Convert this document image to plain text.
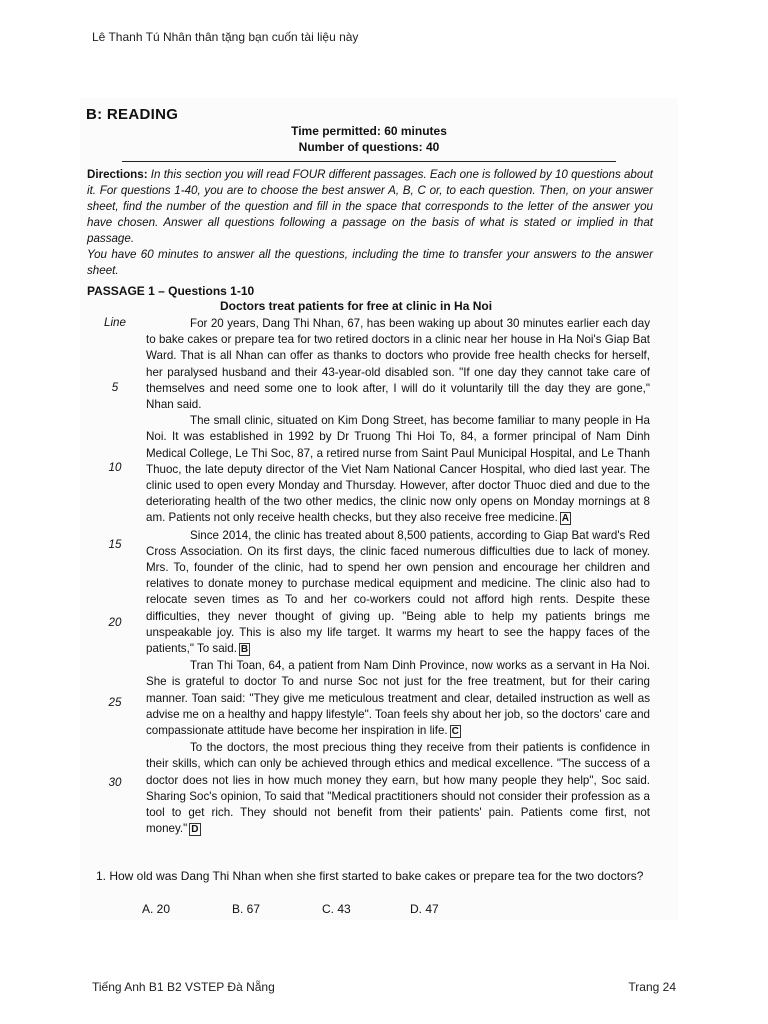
Lê Thanh Tú Nhân thân tặng bạn cuốn tài liệu này
B: READING
Time permitted: 60 minutes
Number of questions: 40

Directions: In this section you will read FOUR different passages. Each one is followed by 10 questions about it. For questions 1-40, you are to choose the best answer A, B, C or, to each question. Then, on your answer sheet, find the number of the question and fill in the space that corresponds to the letter of the answer you have chosen. Answer all questions following a passage on the basis of what is stated or implied in that passage.

You have 60 minutes to answer all the questions, including the time to transfer your answers to the answer sheet.

PASSAGE 1 – Questions 1-10
Doctors treat patients for free at clinic in Ha Noi
Line
5
10
15
20
25
30

For 20 years, Dang Thi Nhan, 67, has been waking up about 30 minutes earlier each day to bake cakes or prepare tea for two retired doctors in a clinic near her house in Ha Noi's Giap Bat Ward. That is all Nhan can offer as thanks to doctors who provide free health checks for herself, her paralysed husband and their 43-year-old disabled son. "If one day they cannot take care of themselves and need some one to look after, I will do it voluntarily till the day they are gone," Nhan said.

The small clinic, situated on Kim Dong Street, has become familiar to many people in Ha Noi. It was established in 1992 by Dr Truong Thi Hoi To, 84, a former principal of Nam Dinh Medical College, Le Thi Soc, 87, a retired nurse from Saint Paul Municipal Hospital, and Le Thanh Thuoc, the late deputy director of the Viet Nam National Cancer Hospital, who died last year. The clinic used to open every Monday and Thursday. However, after doctor Thuoc died and due to the deteriorating health of the two other medics, the clinic now only opens on Monday mornings at 8 am. Patients not only receive health checks, but they also receive free medicine. A

Since 2014, the clinic has treated about 8,500 patients, according to Giap Bat ward's Red Cross Association. On its first days, the clinic faced numerous difficulties due to lack of money. Mrs. To, founder of the clinic, had to spend her own pension and encourage her children and relatives to donate money to purchase medical equipment and medicine. The clinic also had to relocate seven times as To and her co-workers could not afford high rents. Despite these difficulties, they never thought of giving up. "Being able to help my patients brings me unspeakable joy. This is also my life target. It warms my heart to see the happy faces of the patients," To said. B

Tran Thi Toan, 64, a patient from Nam Dinh Province, now works as a servant in Ha Noi. She is grateful to doctor To and nurse Soc not just for the free treatment, but for their caring manner. Toan said: "They give me meticulous treatment and clear, detailed instruction as well as advise me on a healthy and happy lifestyle". Toan feels shy about her job, so the doctors' care and compassionate attitude have become her inspiration in life. C

To the doctors, the most precious thing they receive from their patients is confidence in their skills, which can only be achieved through ethics and medical excellence. "The success of a doctor does not lies in how much money they earn, but how many people they help", Soc said. Sharing Soc's opinion, To said that "Medical practitioners should not consider their profession as a tool to get rich. They should not benefit from their patients' pain. Patients come first, not money." D

1. How old was Dang Thi Nhan when she first started to bake cakes or prepare tea for the two doctors?
A. 20	B. 67	C. 43	D. 47
Tiếng Anh B1 B2 VSTEP Đà Nẵng	Trang 24
